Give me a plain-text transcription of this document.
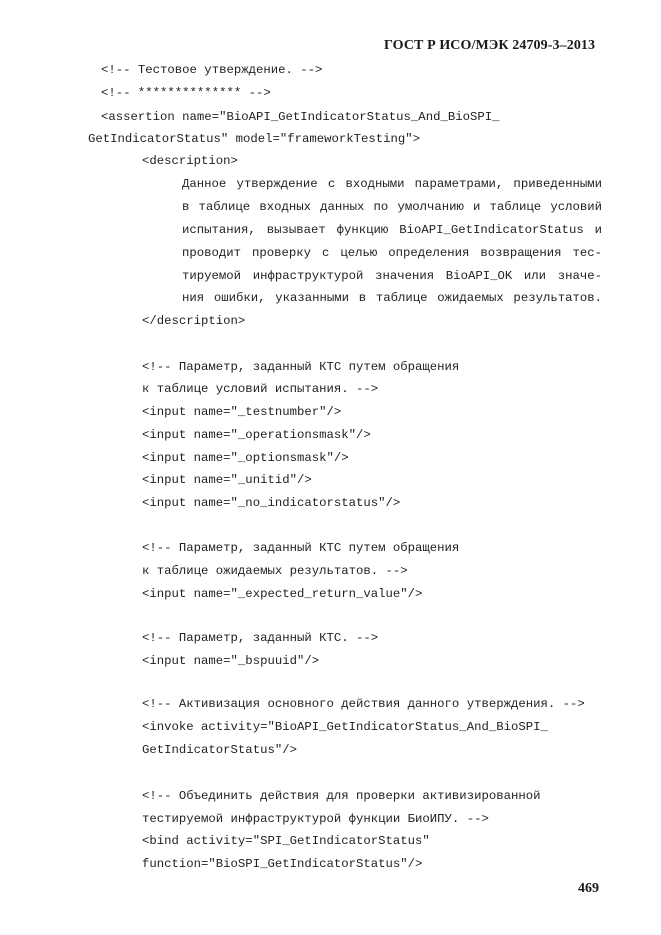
ГОСТ Р ИСО/МЭК 24709-3–2013

<!-- Тестовое утверждение. -->

<!-- ************** -->

<assertion name="BioAPI_GetIndicatorStatus_And_BioSPI_

GetIndicatorStatus" model="frameworkTesting">

<description>

Данное утверждение с входными параметрами, приведенными

в таблице входных данных по умолчанию и таблице условий

испытания, вызывает функцию BioAPI_GetIndicatorStatus и

проводит проверку с целью определения возвращения тес-

тируемой инфраструктурой значения BioAPI_OK или значе-

ния ошибки, указанными в таблице ожидаемых результатов.

</description>

<!-- Параметр, заданный КТС путем обращения

к таблице условий испытания. -->

<input name="_testnumber"/>

<input name="_operationsmask"/>

<input name="_optionsmask"/>

<input name="_unitid"/>

<input name="_no_indicatorstatus"/>

<!-- Параметр, заданный КТС путем обращения

к таблице ожидаемых результатов. -->

<input name="_expected_return_value"/>

<!-- Параметр, заданный КТС. -->

<input name="_bspuuid"/>

<!-- Активизация основного действия данного утверждения. -->

<invoke activity="BioAPI_GetIndicatorStatus_And_BioSPI_

GetIndicatorStatus"/>

<!-- Объединить действия для проверки активизированной

тестируемой инфраструктурой функции БиоИПУ. -->

<bind activity="SPI_GetIndicatorStatus"

function="BioSPI_GetIndicatorStatus"/>

469
